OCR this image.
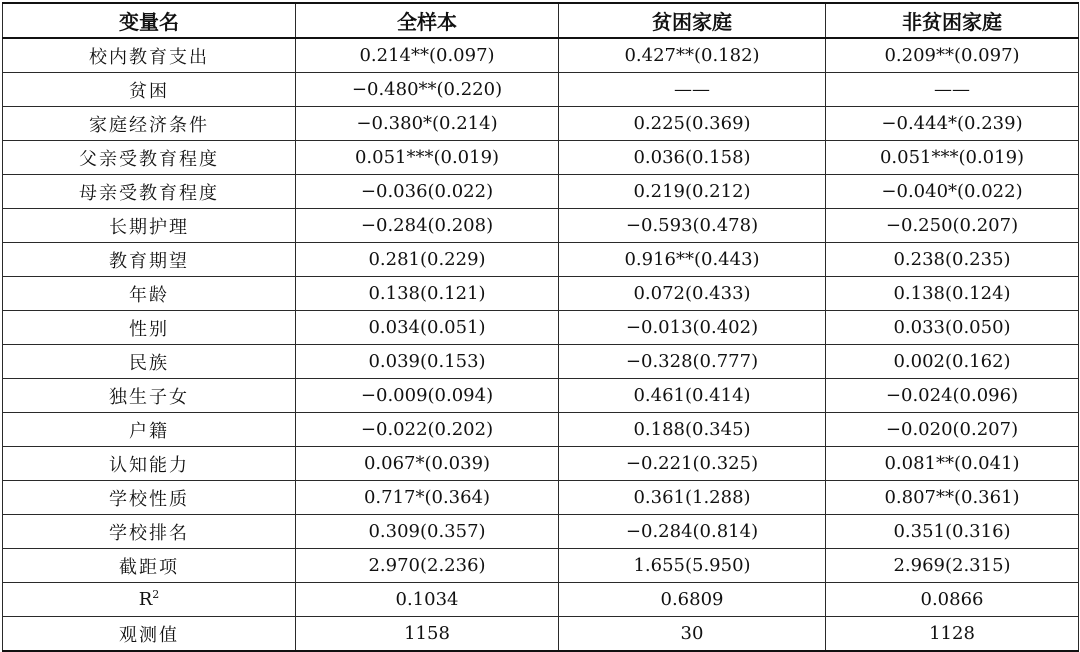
变量名	全样本	贫困家庭	非贫困家庭
校内教育支出	0.214**(0.097)	0.427**(0.182)	0.209**(0.097)
贫困	−0.480**(0.220)	——	——
家庭经济条件	−0.380*(0.214)	0.225(0.369)	−0.444*(0.239)
父亲受教育程度	0.051***(0.019)	0.036(0.158)	0.051***(0.019)
母亲受教育程度	−0.036(0.022)	0.219(0.212)	−0.040*(0.022)
长期护理	−0.284(0.208)	−0.593(0.478)	−0.250(0.207)
教育期望	0.281(0.229)	0.916**(0.443)	0.238(0.235)
年龄	0.138(0.121)	0.072(0.433)	0.138(0.124)
性别	0.034(0.051)	−0.013(0.402)	0.033(0.050)
民族	0.039(0.153)	−0.328(0.777)	0.002(0.162)
独生子女	−0.009(0.094)	0.461(0.414)	−0.024(0.096)
户籍	−0.022(0.202)	0.188(0.345)	−0.020(0.207)
认知能力	0.067*(0.039)	−0.221(0.325)	0.081**(0.041)
学校性质	0.717*(0.364)	0.361(1.288)	0.807**(0.361)
学校排名	0.309(0.357)	−0.284(0.814)	0.351(0.316)
截距项	2.970(2.236)	1.655(5.950)	2.969(2.315)
$R^2$	0.1034	0.6809	0.0866
观测值	1158	30	1128
